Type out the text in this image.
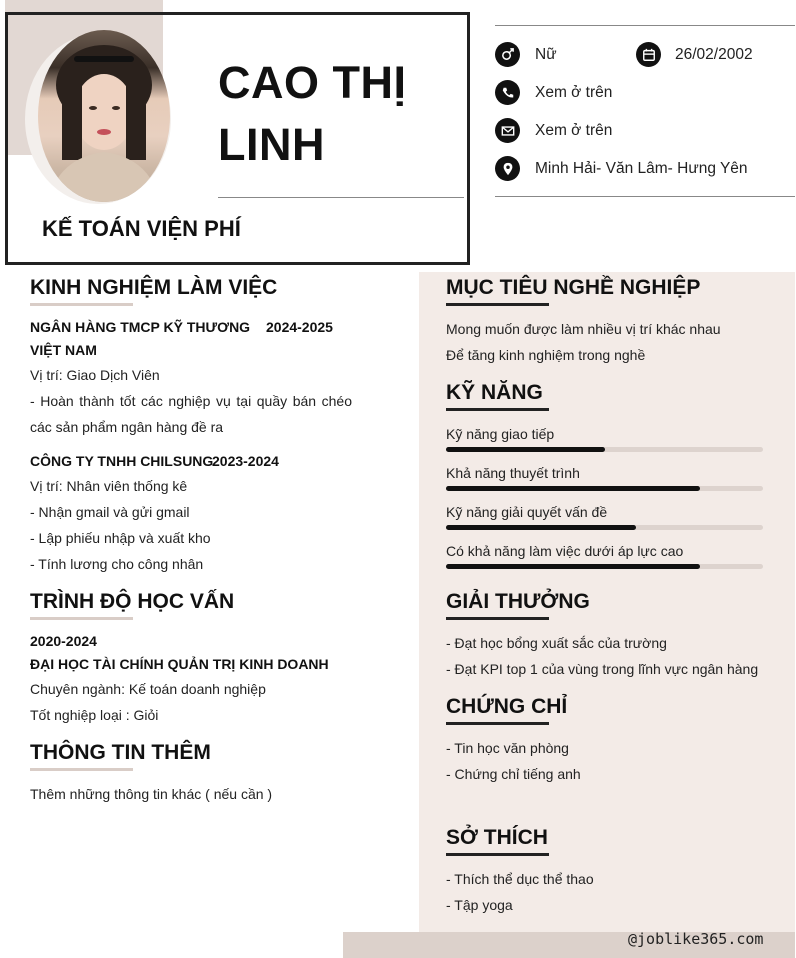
CAO THỊ
LINH
KẾ TOÁN VIỆN PHÍ
Nữ	26/02/2002
Xem ở trên
Xem ở trên
Minh Hải- Văn Lâm- Hưng Yên
KINH NGHIỆM LÀM VIỆC
NGÂN HÀNG TMCP KỸ THƯƠNG 2024-2025
VIỆT NAM
Vị trí: Giao Dịch Viên
- Hoàn thành tốt các nghiệp vụ tại quầy bán chéo
các sản phẩm ngân hàng đề ra
CÔNG TY TNHH CHILSUNG
2023-2024
Vị trí: Nhân viên thống kê
- Nhận gmail và gửi gmail
- Lập phiếu nhập và xuất kho
- Tính lương cho công nhân
TRÌNH ĐỘ HỌC VẤN
2020-2024
ĐẠI HỌC TÀI CHÍNH QUẢN TRỊ KINH DOANH
Chuyên ngành: Kế toán doanh nghiệp
Tốt nghiệp loại : Giỏi
THÔNG TIN THÊM
Thêm những thông tin khác ( nếu cần )
MỤC TIÊU NGHỀ NGHIỆP
Mong muốn được làm nhiều vị trí khác nhau
Để tăng kinh nghiệm trong nghề
KỸ NĂNG
Kỹ năng giao tiếp
Khả năng thuyết trình
Kỹ năng giải quyết vấn đề
Có khả năng làm việc dưới áp lực cao
GIẢI THƯỞNG
- Đạt học bổng xuất sắc của trường
- Đạt KPI top 1 của vùng trong lĩnh vực ngân hàng
CHỨNG CHỈ
- Tin học văn phòng
- Chứng chỉ tiếng anh
SỞ THÍCH
- Thích thể dục thể thao
- Tập yoga
@joblike365.com
